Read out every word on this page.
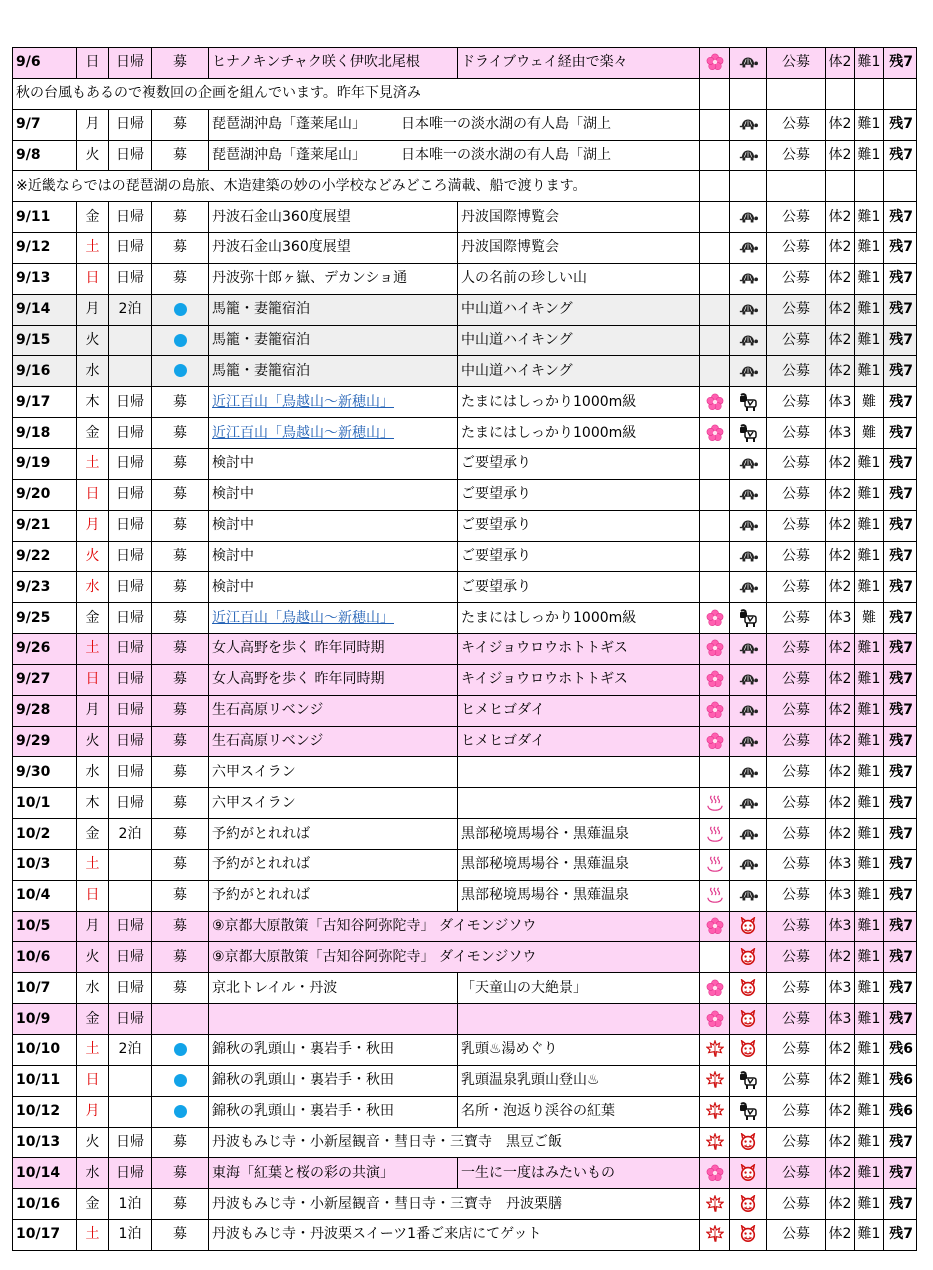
9/6	日	日帰	募	ヒナノキンチャク咲く伊吹北尾根	ドライブウェイ経由で楽々			公募	体2	難1	残7
秋の台風もあるので複数回の企画を組んでいます。昨年下見済み											
9/7	月	日帰	募	琵琶湖沖島「蓬莱尾山」　　　日本唯一の淡水湖の有人島「湖上				公募	体2	難1	残7
9/8	火	日帰	募	琵琶湖沖島「蓬莱尾山」　　　日本唯一の淡水湖の有人島「湖上				公募	体2	難1	残7
※近畿ならではの琵琶湖の島旅、木造建築の妙の小学校などみどころ満載、船で渡ります。											
9/11	金	日帰	募	丹波石金山360度展望	丹波国際博覧会			公募	体2	難1	残7
9/12	土	日帰	募	丹波石金山360度展望	丹波国際博覧会			公募	体2	難1	残7
9/13	日	日帰	募	丹波弥十郎ヶ嶽、デカンショ通	人の名前の珍しい山			公募	体2	難1	残7
9/14	月	2泊		馬籠・妻籠宿泊	中山道ハイキング			公募	体2	難1	残7
9/15	火			馬籠・妻籠宿泊	中山道ハイキング			公募	体2	難1	残7
9/16	水			馬籠・妻籠宿泊	中山道ハイキング			公募	体2	難1	残7
9/17	木	日帰	募	近江百山「鳥越山～新穂山」	たまにはしっかり1000m級			公募	体3	難	残7
9/18	金	日帰	募	近江百山「鳥越山～新穂山」	たまにはしっかり1000m級			公募	体3	難	残7
9/19	土	日帰	募	検討中	ご要望承り			公募	体2	難1	残7
9/20	日	日帰	募	検討中	ご要望承り			公募	体2	難1	残7
9/21	月	日帰	募	検討中	ご要望承り			公募	体2	難1	残7
9/22	火	日帰	募	検討中	ご要望承り			公募	体2	難1	残7
9/23	水	日帰	募	検討中	ご要望承り			公募	体2	難1	残7
9/25	金	日帰	募	近江百山「鳥越山～新穂山」	たまにはしっかり1000m級			公募	体3	難	残7
9/26	土	日帰	募	女人高野を歩く 昨年同時期	キイジョウロウホトトギス			公募	体2	難1	残7
9/27	日	日帰	募	女人高野を歩く 昨年同時期	キイジョウロウホトトギス			公募	体2	難1	残7
9/28	月	日帰	募	生石高原リベンジ	ヒメヒゴダイ			公募	体2	難1	残7
9/29	火	日帰	募	生石高原リベンジ	ヒメヒゴダイ			公募	体2	難1	残7
9/30	水	日帰	募	六甲スイラン				公募	体2	難1	残7
10/1	木	日帰	募	六甲スイラン				公募	体2	難1	残7
10/2	金	2泊	募	予約がとれれば	黒部秘境馬場谷・黒薙温泉			公募	体2	難1	残7
10/3	土		募	予約がとれれば	黒部秘境馬場谷・黒薙温泉			公募	体3	難1	残7
10/4	日		募	予約がとれれば	黒部秘境馬場谷・黒薙温泉			公募	体3	難1	残7
10/5	月	日帰	募	⑨京都大原散策「古知谷阿弥陀寺」 ダイモンジソウ				公募	体3	難1	残7
10/6	火	日帰	募	⑨京都大原散策「古知谷阿弥陀寺」 ダイモンジソウ				公募	体2	難1	残7
10/7	水	日帰	募	京北トレイル・丹波	「天童山の大絶景」			公募	体3	難1	残7
10/9	金	日帰						公募	体3	難1	残7
10/10	土	2泊		錦秋の乳頭山・裏岩手・秋田	乳頭♨湯めぐり			公募	体2	難1	残6
10/11	日			錦秋の乳頭山・裏岩手・秋田	乳頭温泉乳頭山登山♨			公募	体2	難1	残6
10/12	月			錦秋の乳頭山・裏岩手・秋田	名所・泡返り渓谷の紅葉			公募	体2	難1	残6
10/13	火	日帰	募	丹波もみじ寺・小新屋観音・彗日寺・三寶寺　黒豆ご飯				公募	体2	難1	残7
10/14	水	日帰	募	東海「紅葉と桜の彩の共演」	一生に一度はみたいもの			公募	体2	難1	残7
10/16	金	1泊	募	丹波もみじ寺・小新屋観音・彗日寺・三寶寺　丹波栗膳				公募	体2	難1	残7
10/17	土	1泊	募	丹波もみじ寺・丹波栗スイーツ1番ご来店にてゲット				公募	体2	難1	残7
